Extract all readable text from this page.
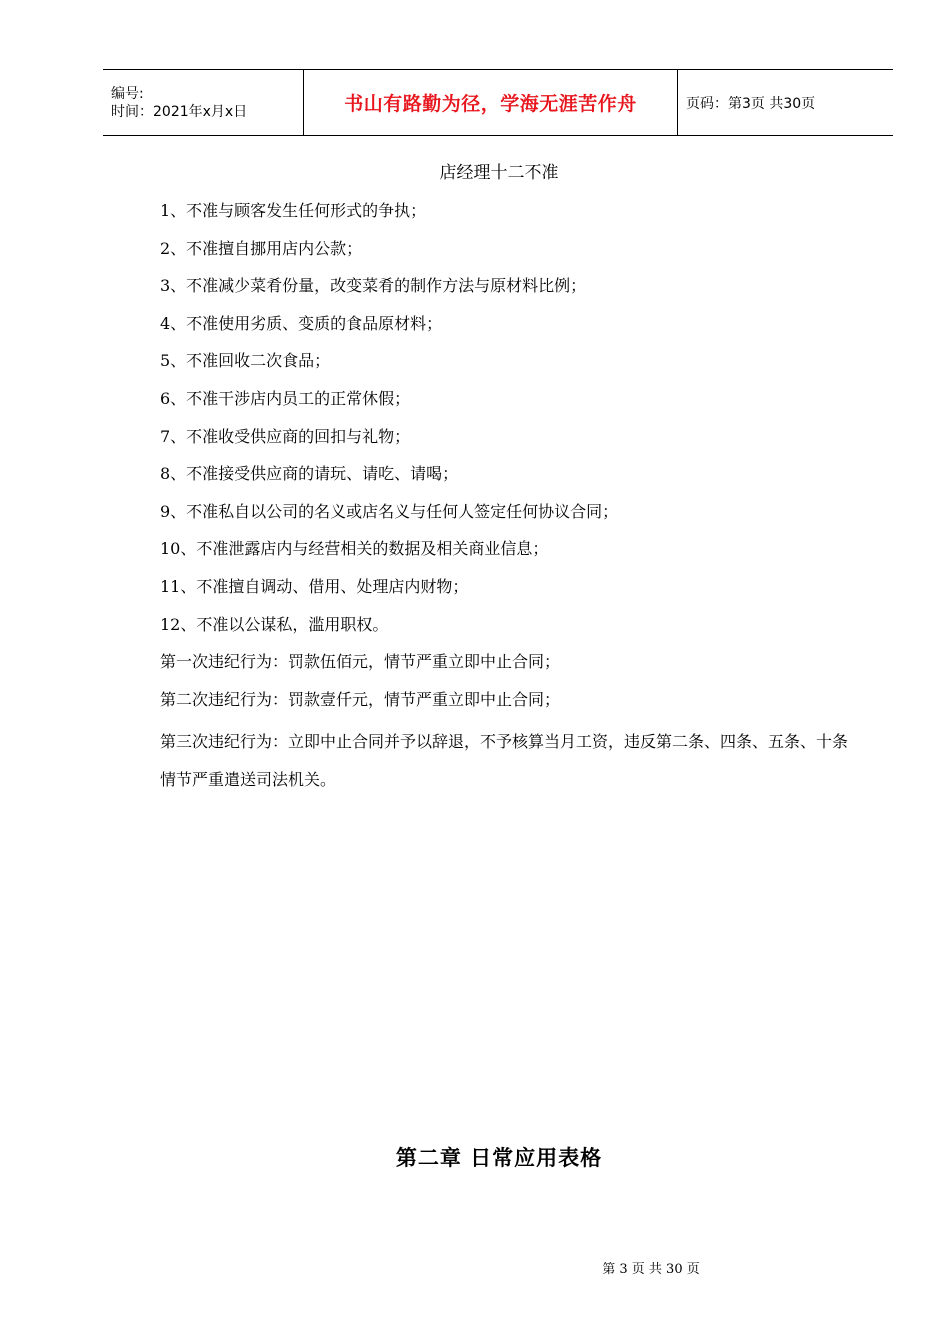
编号:
时间：2021年x月x日	书山有路勤为径，学海无涯苦作舟	页码：第3页 共30页
店经理十二不准
1、不准与顾客发生任何形式的争执；
2、不准擅自挪用店内公款；
3、不准减少菜肴份量，改变菜肴的制作方法与原材料比例；
4、不准使用劣质、变质的食品原材料；
5、不准回收二次食品；
6、不准干涉店内员工的正常休假；
7、不准收受供应商的回扣与礼物；
8、不准接受供应商的请玩、请吃、请喝；
9、不准私自以公司的名义或店名义与任何人签定任何协议合同；
10、不准泄露店内与经营相关的数据及相关商业信息；
11、不准擅自调动、借用、处理店内财物；
12、不准以公谋私，滥用职权。
第一次违纪行为：罚款伍佰元，情节严重立即中止合同；
第二次违纪行为：罚款壹仟元，情节严重立即中止合同；
第三次违纪行为：立即中止合同并予以辞退，不予核算当月工资，违反第二条、四条、五条、十条情节严重遣送司法机关。
第二章 日常应用表格
第 3 页 共 30 页
